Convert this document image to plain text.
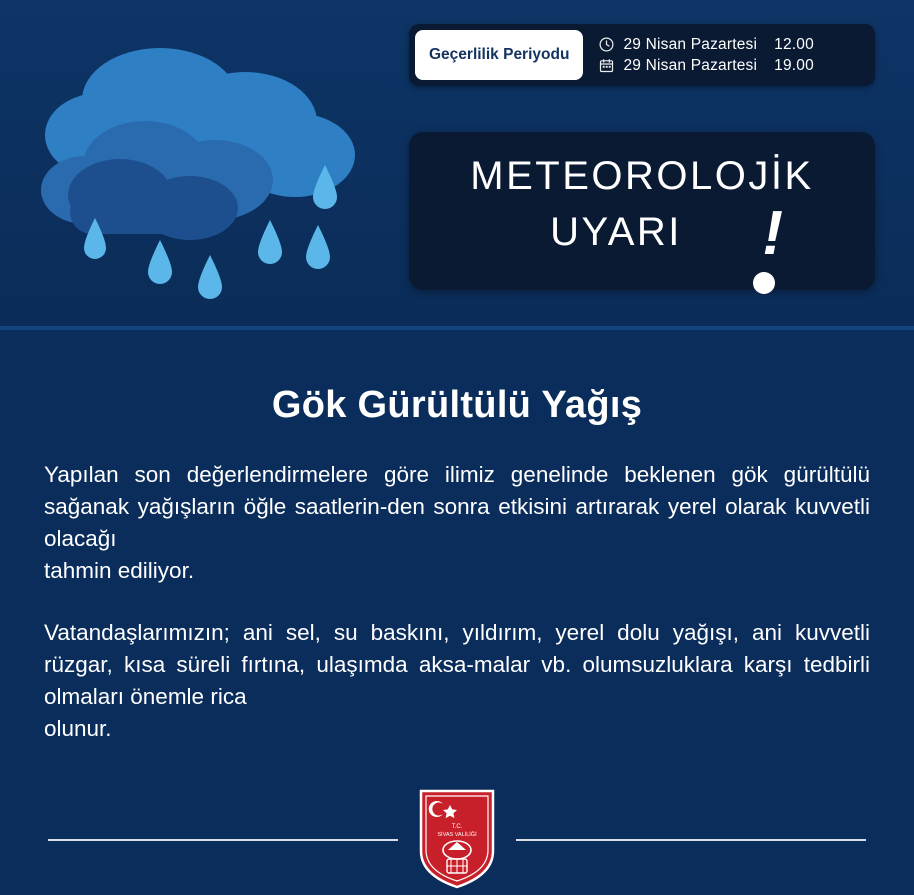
Geçerlilik Periyodu
29 Nisan Pazartesi 12.00
29 Nisan Pazartesi 19.00
METEOROLOJİK
UYARI	!
Gök Gürültülü Yağış
Yapılan son değerlendirmelere göre ilimiz genelinde beklenen gök gürültülü sağanak yağışların öğle saatlerin-den sonra etkisini artırarak yerel olarak kuvvetli olacağı
tahmin ediliyor.
Vatandaşlarımızın; ani sel, su baskını, yıldırım, yerel dolu yağışı, ani kuvvetli rüzgar, kısa süreli fırtına, ulaşımda aksa-malar vb. olumsuzluklara karşı tedbirli olmaları önemle rica
olunur.
T.C.
SİVAS VALİLİĞİ
